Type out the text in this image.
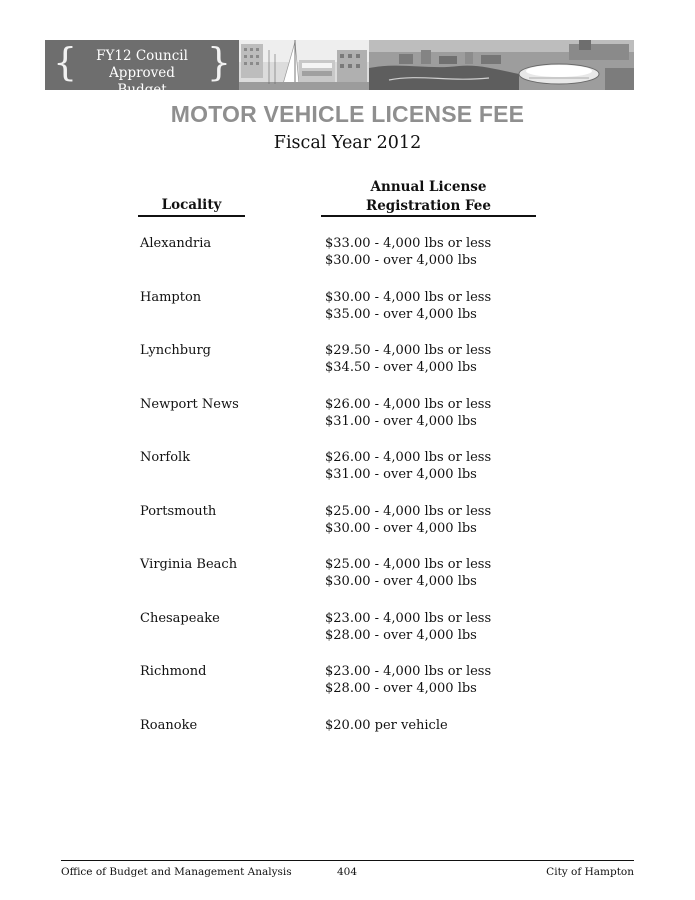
{	FY12 Council
Approved Budget
}
MOTOR VEHICLE LICENSE FEE
Fiscal Year 2012
Locality
Annual License
Registration Fee
Alexandria	$33.00 - 4,000 lbs or less
$30.00 - over 4,000 lbs
Hampton	$30.00 - 4,000 lbs or less
$35.00 - over 4,000 lbs
Lynchburg	$29.50 - 4,000 lbs or less
$34.50 - over 4,000 lbs
Newport News	$26.00 - 4,000 lbs or less
$31.00 - over 4,000 lbs
Norfolk	$26.00 - 4,000 lbs or less
$31.00 - over 4,000 lbs
Portsmouth	$25.00 - 4,000 lbs or less
$30.00 - over 4,000 lbs
Virginia Beach	$25.00 - 4,000 lbs or less
$30.00 - over 4,000 lbs
Chesapeake	$23.00 - 4,000 lbs or less
$28.00 - over 4,000 lbs
Richmond	$23.00 - 4,000 lbs or less
$28.00 - over 4,000 lbs
Roanoke	$20.00 per vehicle
Office of Budget and Management Analysis	404	City of Hampton
